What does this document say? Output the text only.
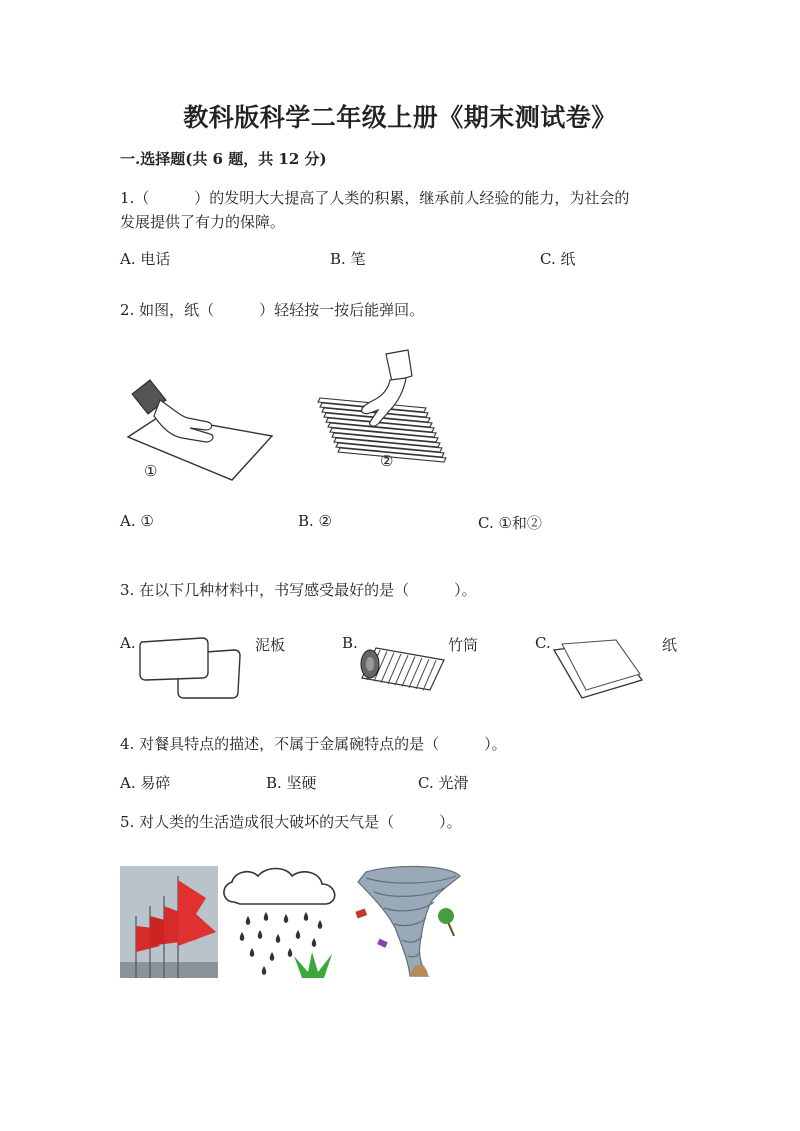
教科版科学二年级上册《期末测试卷》
一.选择题(共 6 题，共 12 分)
1.（　　　）的发明大大提高了人类的积累，继承前人经验的能力，为社会的
发展提供了有力的保障。
A. 电话	B. 笔	C. 纸
2. 如图，纸（　　　）轻轻按一按后能弹回。
①
②
A. ①	B. ②	C. ①和②
3. 在以下几种材料中，书写感受最好的是（　　　）。
A.	泥板	B.	竹筒	C.	纸
4. 对餐具特点的描述，不属于金属碗特点的是（　　　）。
A. 易碎	B. 坚硬	C. 光滑
5. 对人类的生活造成很大破坏的天气是（　　　）。
